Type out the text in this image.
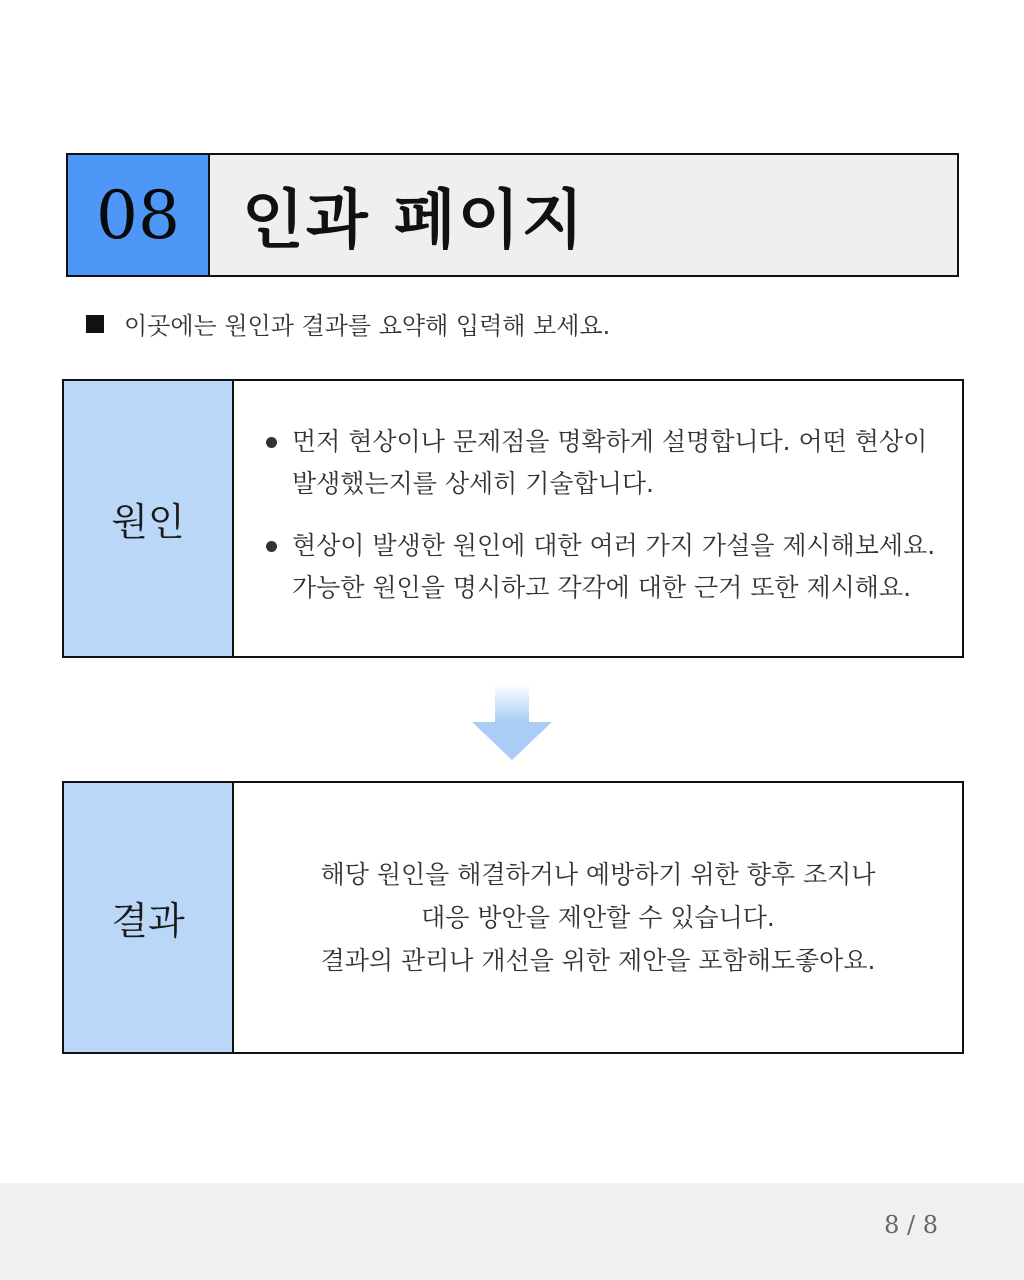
08 인과 페이지
이곳에는 원인과 결과를 요약해 입력해 보세요.
원인
먼저 현상이나 문제점을 명확하게 설명합니다. 어떤 현상이
발생했는지를 상세히 기술합니다.
현상이 발생한 원인에 대한 여러 가지 가설을 제시해보세요.
가능한 원인을 명시하고 각각에 대한 근거 또한 제시해요.
결과
해당 원인을 해결하거나 예방하기 위한 향후 조지나
대응 방안을 제안할 수 있습니다.
결과의 관리나 개선을 위한 제안을 포함해도좋아요.
8 / 8
